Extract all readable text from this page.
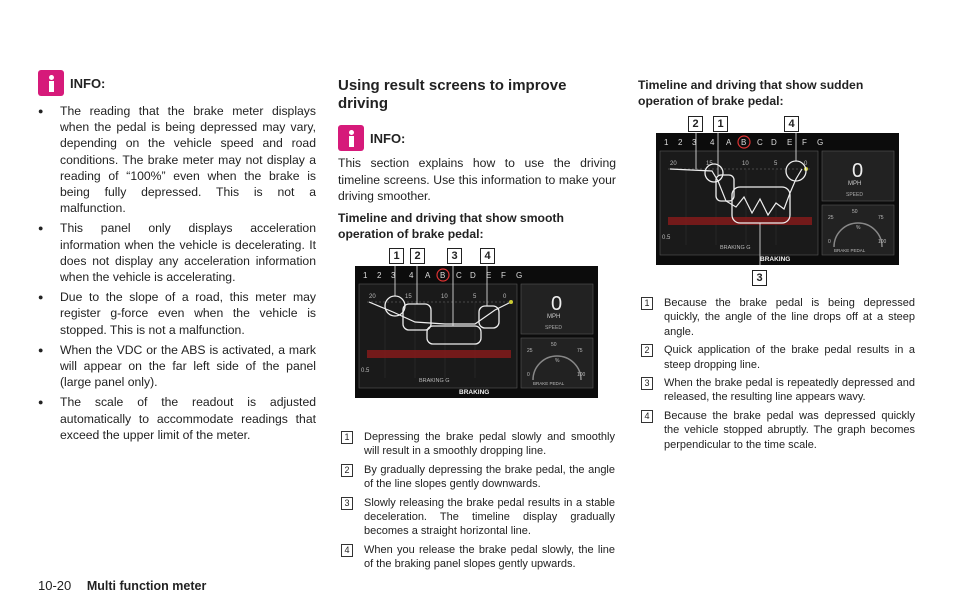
INFO:
● The reading that the brake meter displays when the pedal is being depressed may vary, depending on the vehicle speed and road conditions. The brake meter may not display a reading of “100%” even when the brake is being fully depressed. This is not a malfunction.
● This panel only displays acceleration information when the vehicle is decelerating. It does not display any acceleration information when the vehicle is accelerating.
● Due to the slope of a road, this meter may register g-force even when the vehicle is stopped. This is not a malfunction.
● When the VDC or the ABS is activated, a mark will appear on the far left side of the panel (large panel only).
● The scale of the readout is adjusted automatically to accommodate readings that exceed the upper limit of the meter.
Using result screens to improve driving
INFO:
This section explains how to use the driving timeline screens. Use this information to make your driving smoother.
Timeline and driving that show smooth operation of brake pedal:
1	2	3	4
1 2 3 4 A B C D E F G
20	15	10	5	0
0.5
BRAKING G
0
MPH
SPEED
50
25	75
0	100
%
BRAKE PEDAL
BRAKING
1	Depressing the brake pedal slowly and smoothly will result in a smoothly dropping line.
2	By gradually depressing the brake pedal, the angle of the line slopes gently downwards.
3	Slowly releasing the brake pedal results in a stable deceleration. The timeline display gradually becomes a straight horizontal line.
4	When you release the brake pedal slowly, the line of the braking panel slopes gently upwards.
Timeline and driving that show sudden operation of brake pedal:
2	1	4
1 2 3 4 A B C D E F G
20	15	10	5	0
0.5
BRAKING G
0
MPH
SPEED
50
25	75
0	100
%
BRAKE PEDAL
BRAKING
3
1	Because the brake pedal is being depressed quickly, the angle of the line drops off at a steep angle.
2	Quick application of the brake pedal results in a steep dropping line.
3	When the brake pedal is repeatedly depressed and released, the resulting line appears wavy.
4	Because the brake pedal was depressed quickly the vehicle stopped abruptly. The graph becomes perpendicular to the time scale.
10-20 Multi function meter
